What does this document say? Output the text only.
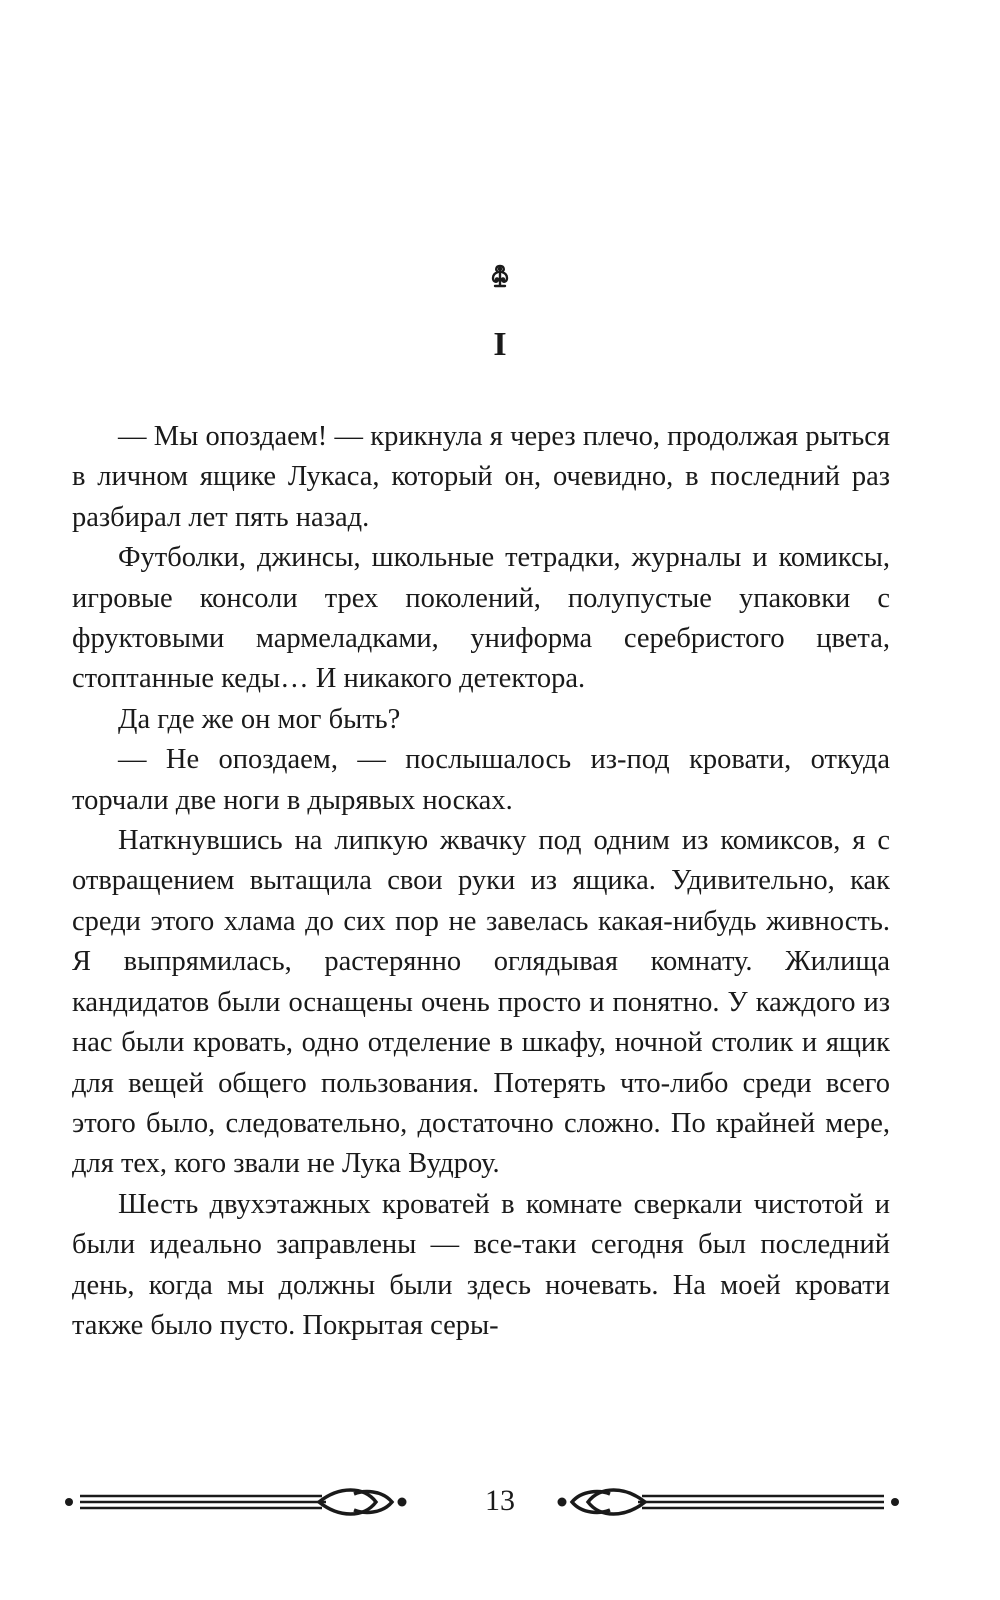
I

— Мы опоздаем! — крикнула я через плечо, продолжая рыться в личном ящике Лукаса, который он, очевидно, в последний раз разбирал лет пять назад.

Футболки, джинсы, школьные тетрадки, журналы и комиксы, игровые консоли трех поколений, полупустые упаковки с фруктовыми мармеладками, униформа серебристого цвета, стоптанные кеды… И никакого детектора.

Да где же он мог быть?

— Не опоздаем, — послышалось из-под кровати, откуда торчали две ноги в дырявых носках.

Наткнувшись на липкую жвачку под одним из комиксов, я с отвращением вытащила свои руки из ящика. Удивительно, как среди этого хлама до сих пор не завелась какая-нибудь живность. Я выпрямилась, растерянно оглядывая комнату. Жилища кандидатов были оснащены очень просто и понятно. У каждого из нас были кровать, одно отделение в шкафу, ночной столик и ящик для вещей общего пользования. Потерять что-либо среди всего этого было, следовательно, достаточно сложно. По крайней мере, для тех, кого звали не Лука Вудроу.

Шесть двухэтажных кроватей в комнате сверкали чистотой и были идеально заправлены — все-таки сегодня был последний день, когда мы должны были здесь ночевать. На моей кровати также было пусто. Покрытая серы-

13
